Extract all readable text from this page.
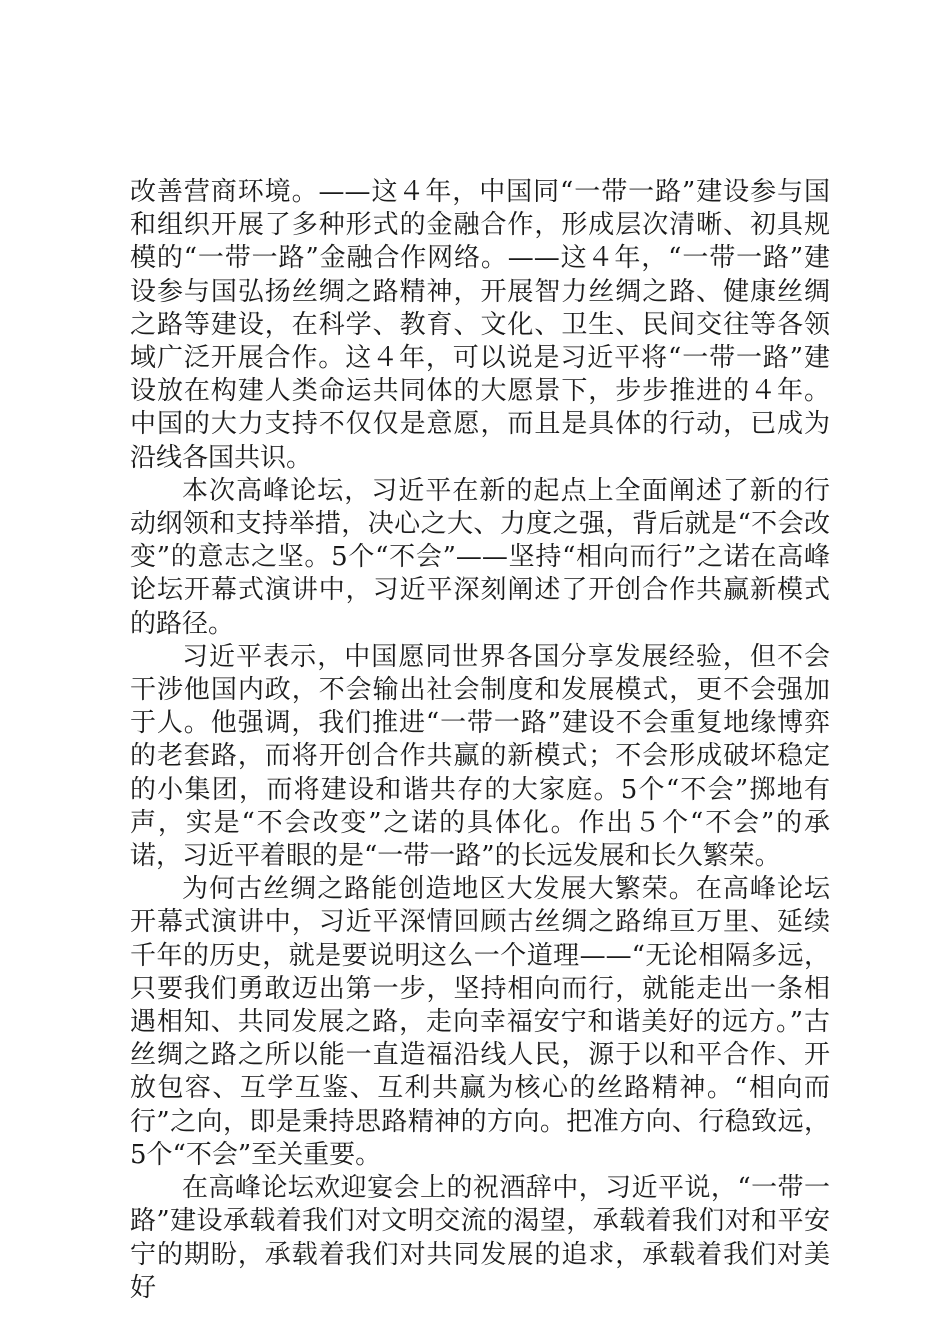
改善营商环境。——这４年，中国同“一带一路”建设参与国和组织开展了多种形式的金融合作，形成层次清晰、初具规模的“一带一路”金融合作网络。——这４年，“一带一路”建设参与国弘扬丝绸之路精神，开展智力丝绸之路、健康丝绸之路等建设，在科学、教育、文化、卫生、民间交往等各领域广泛开展合作。这４年，可以说是习近平将“一带一路”建设放在构建人类命运共同体的大愿景下，步步推进的４年。中国的大力支持不仅仅是意愿，而且是具体的行动，已成为沿线各国共识。

本次高峰论坛，习近平在新的起点上全面阐述了新的行动纲领和支持举措，决心之大、力度之强，背后就是“不会改变”的意志之坚。5个“不会”——坚持“相向而行”之诺在高峰论坛开幕式演讲中，习近平深刻阐述了开创合作共赢新模式的路径。

习近平表示，中国愿同世界各国分享发展经验，但不会干涉他国内政，不会输出社会制度和发展模式，更不会强加于人。他强调，我们推进“一带一路”建设不会重复地缘博弈的老套路，而将开创合作共赢的新模式；不会形成破坏稳定的小集团，而将建设和谐共存的大家庭。5个“不会”掷地有声，实是“不会改变”之诺的具体化。作出５个“不会”的承诺，习近平着眼的是“一带一路”的长远发展和长久繁荣。

为何古丝绸之路能创造地区大发展大繁荣。在高峰论坛开幕式演讲中，习近平深情回顾古丝绸之路绵亘万里、延续千年的历史，就是要说明这么一个道理——“无论相隔多远，只要我们勇敢迈出第一步，坚持相向而行，就能走出一条相遇相知、共同发展之路，走向幸福安宁和谐美好的远方。”古丝绸之路之所以能一直造福沿线人民，源于以和平合作、开放包容、互学互鉴、互利共赢为核心的丝路精神。“相向而行”之向，即是秉持思路精神的方向。把准方向、行稳致远，5个“不会”至关重要。

在高峰论坛欢迎宴会上的祝酒辞中，习近平说，“一带一路”建设承载着我们对文明交流的渴望，承载着我们对和平安宁的期盼，承载着我们对共同发展的追求，承载着我们对美好
